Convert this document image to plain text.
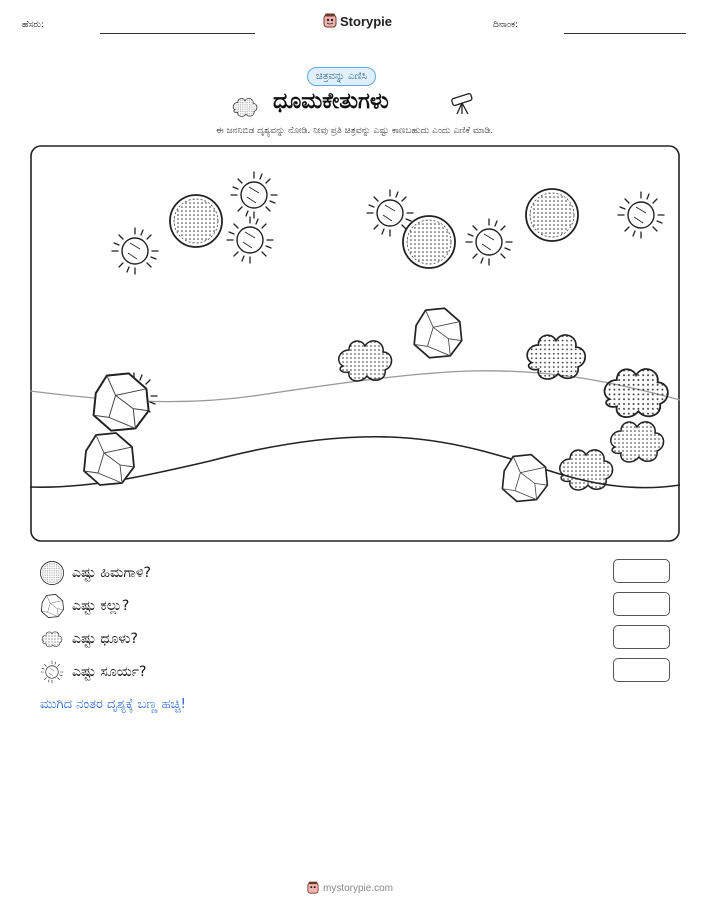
ಹೆಸರು:	Storypie	ದಿನಾಂಕ:
ಚಿತ್ರವನ್ನು ಎಣಿಸಿ
ಧೂಮಕೇತುಗಳು
ಈ ಜನನಿಬಿಡ ದೃಶ್ಯವನ್ನು ನೋಡಿ. ನೀವು ಪ್ರತಿ ಚಿತ್ರವನ್ನು ಎಷ್ಟು ಕಾಣಬಹುದು ಎಂದು ಎಣಿಕೆ ಮಾಡಿ.
ಎಷ್ಟು ಹಿಮಗಾಳಿ?
ಎಷ್ಟು ಕಲ್ಲು?
ಎಷ್ಟು ಧೂಳು?
ಎಷ್ಟು ಸೂರ್ಯ?
ಮುಗಿದ ನಂತರ ದೃಶ್ಯಕ್ಕೆ ಬಣ್ಣ ಹಚ್ಚಿ!
mystorypie.com
